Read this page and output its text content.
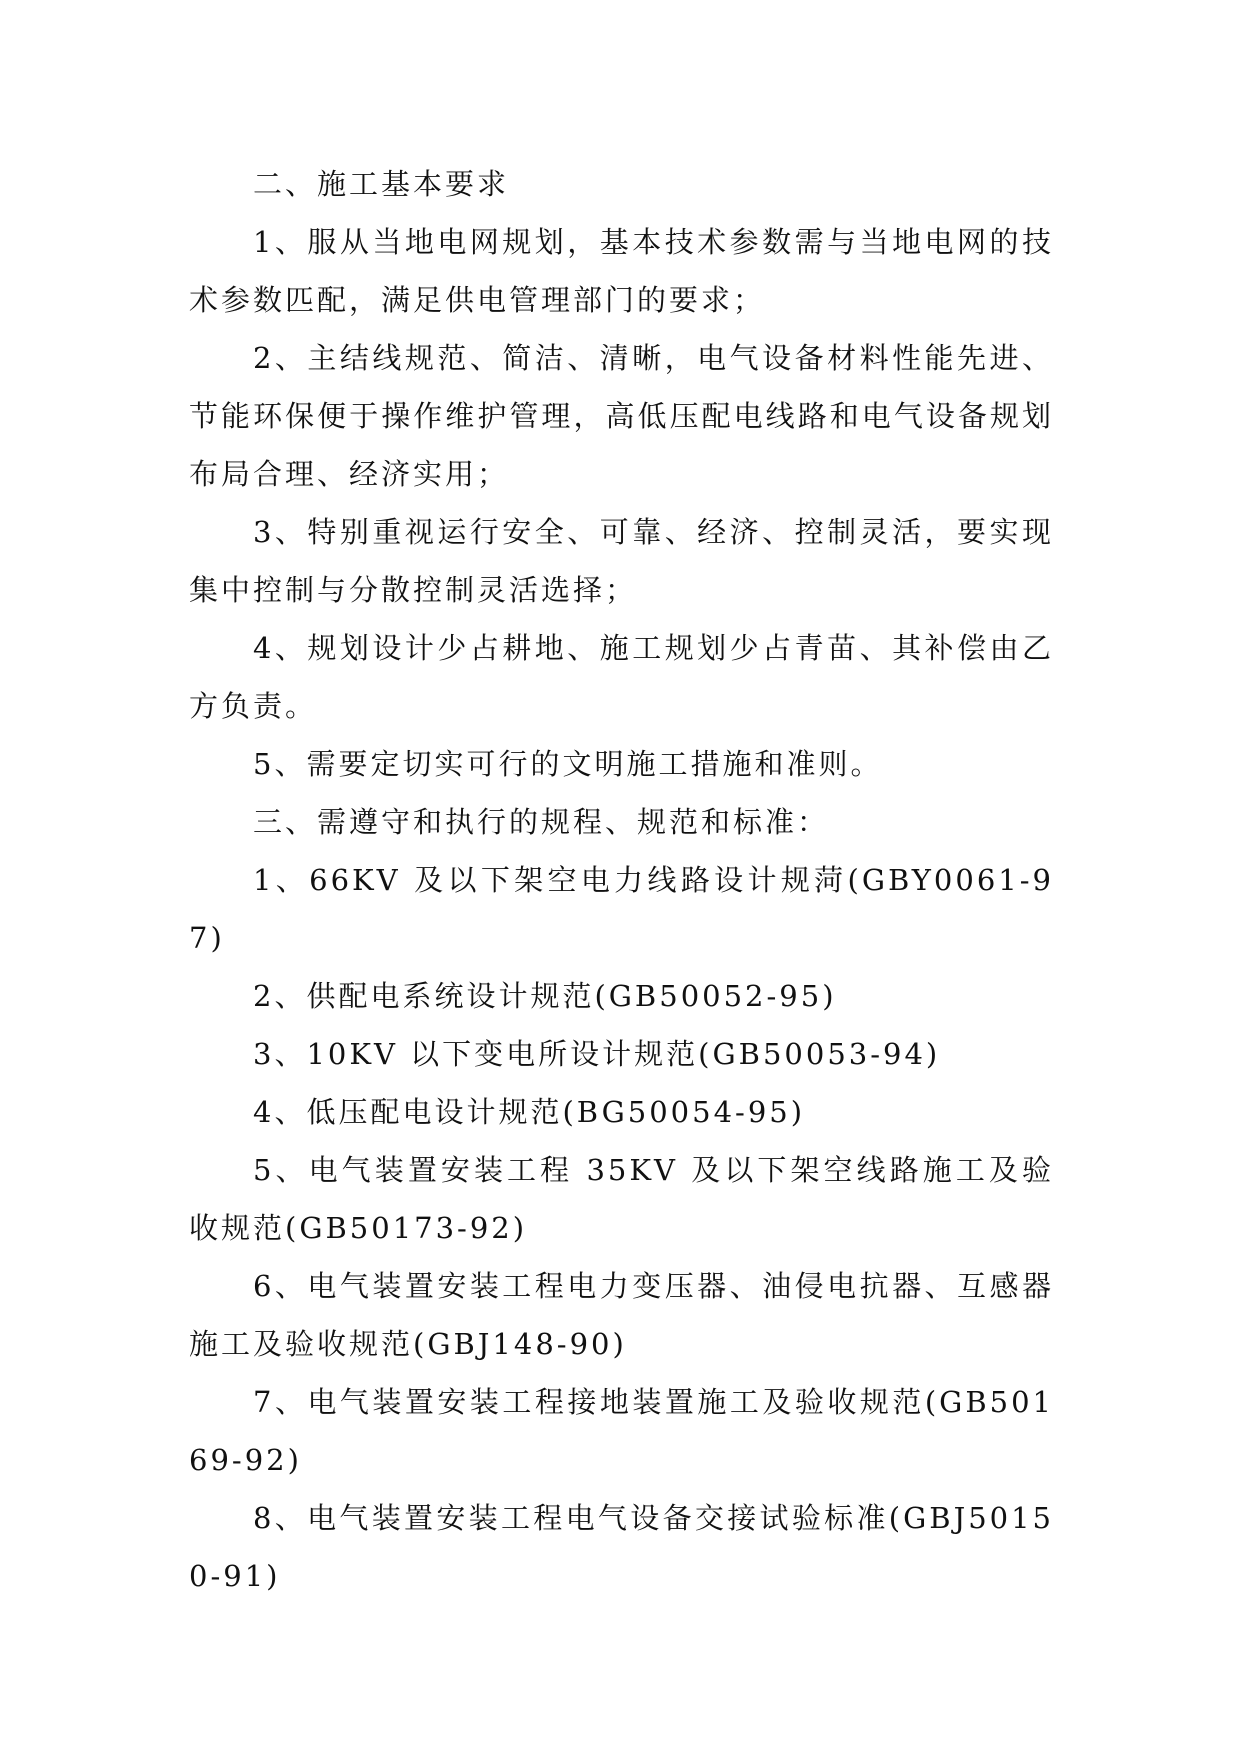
二、施工基本要求

1、服从当地电网规划，基本技术参数需与当地电网的技术参数匹配，满足供电管理部门的要求；

2、主结线规范、简洁、清晰，电气设备材料性能先进、节能环保便于操作维护管理，高低压配电线路和电气设备规划布局合理、经济实用；

3、特别重视运行安全、可靠、经济、控制灵活，要实现集中控制与分散控制灵活选择；

4、规划设计少占耕地、施工规划少占青苗、其补偿由乙方负责。

5、需要定切实可行的文明施工措施和准则。

三、需遵守和执行的规程、规范和标准：

1、66KV 及以下架空电力线路设计规菏(GBY0061-97)

2、供配电系统设计规范(GB50052-95)

3、10KV 以下变电所设计规范(GB50053-94)

4、低压配电设计规范(BG50054-95)

5、电气装置安装工程 35KV 及以下架空线路施工及验收规范(GB50173-92)

6、电气装置安装工程电力变压器、油侵电抗器、互感器施工及验收规范(GBJ148-90)

7、电气装置安装工程接地装置施工及验收规范(GB50169-92)

8、电气装置安装工程电气设备交接试验标准(GBJ50150-91)
